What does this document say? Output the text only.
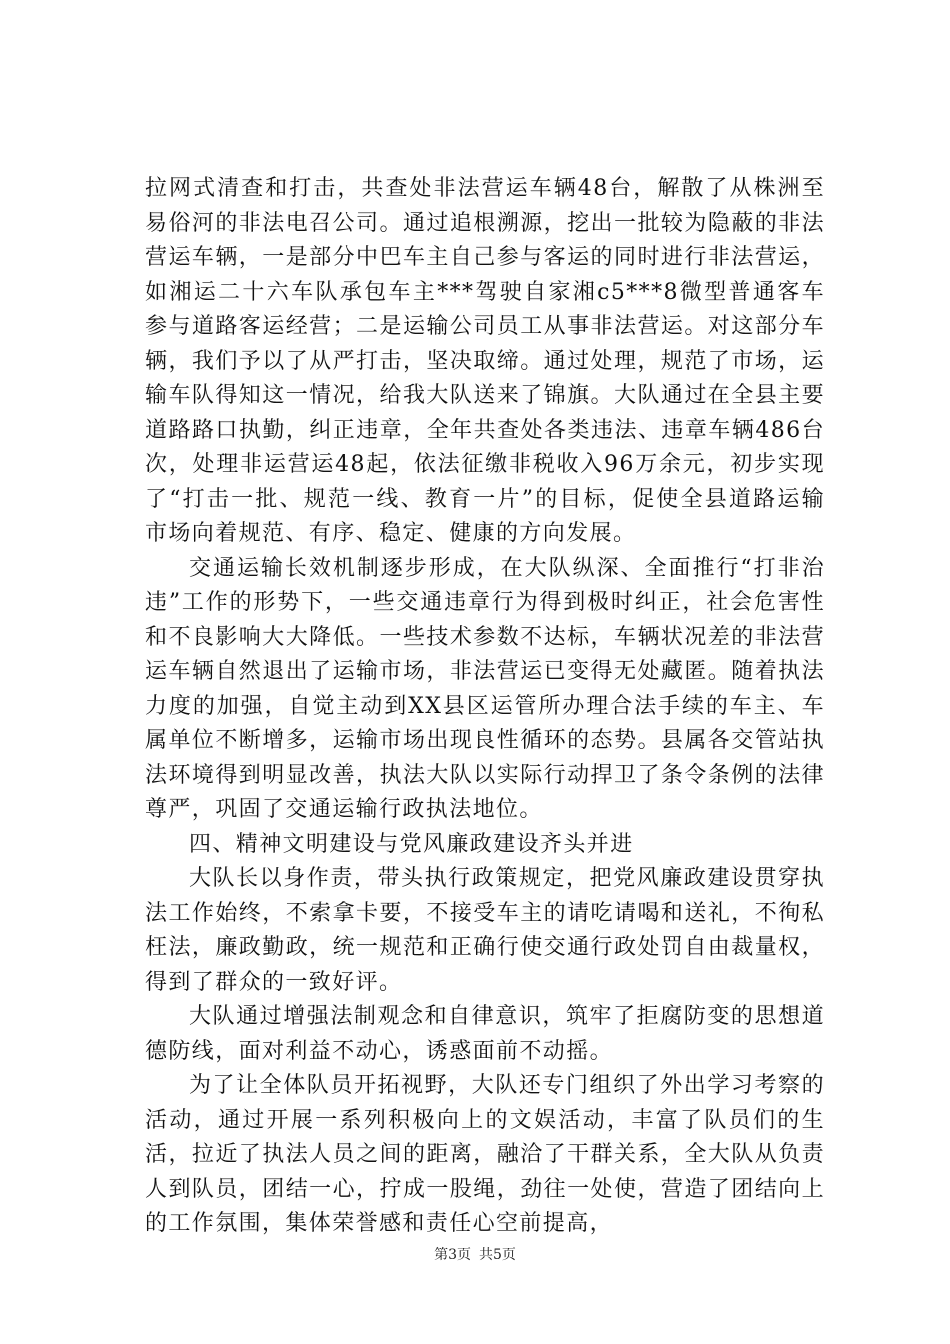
拉网式清查和打击，共查处非法营运车辆48台，解散了从株洲至易俗河的非法电召公司。通过追根溯源，挖出一批较为隐蔽的非法营运车辆，一是部分中巴车主自己参与客运的同时进行非法营运，如湘运二十六车队承包车主***驾驶自家湘c5***8微型普通客车参与道路客运经营；二是运输公司员工从事非法营运。对这部分车辆，我们予以了从严打击，坚决取缔。通过处理，规范了市场，运输车队得知这一情况，给我大队送来了锦旗。大队通过在全县主要道路路口执勤，纠正违章，全年共查处各类违法、违章车辆486台次，处理非运营运48起，依法征缴非税收入96万余元，初步实现了“打击一批、规范一线、教育一片”的目标，促使全县道路运输市场向着规范、有序、稳定、健康的方向发展。

交通运输长效机制逐步形成，在大队纵深、全面推行“打非治违”工作的形势下，一些交通违章行为得到极时纠正，社会危害性和不良影响大大降低。一些技术参数不达标，车辆状况差的非法营运车辆自然退出了运输市场，非法营运已变得无处藏匿。随着执法力度的加强，自觉主动到XX县区运管所办理合法手续的车主、车属单位不断增多，运输市场出现良性循环的态势。县属各交管站执法环境得到明显改善，执法大队以实际行动捍卫了条令条例的法律尊严，巩固了交通运输行政执法地位。

四、精神文明建设与党风廉政建设齐头并进

大队长以身作责，带头执行政策规定，把党风廉政建设贯穿执法工作始终，不索拿卡要，不接受车主的请吃请喝和送礼，不徇私枉法，廉政勤政，统一规范和正确行使交通行政处罚自由裁量权，得到了群众的一致好评。

大队通过增强法制观念和自律意识，筑牢了拒腐防变的思想道德防线，面对利益不动心，诱惑面前不动摇。

为了让全体队员开拓视野，大队还专门组织了外出学习考察的活动，通过开展一系列积极向上的文娱活动，丰富了队员们的生活，拉近了执法人员之间的距离，融洽了干群关系，全大队从负责人到队员，团结一心，拧成一股绳，劲往一处使，营造了团结向上的工作氛围，集体荣誉感和责任心空前提高，

第3页 共5页
